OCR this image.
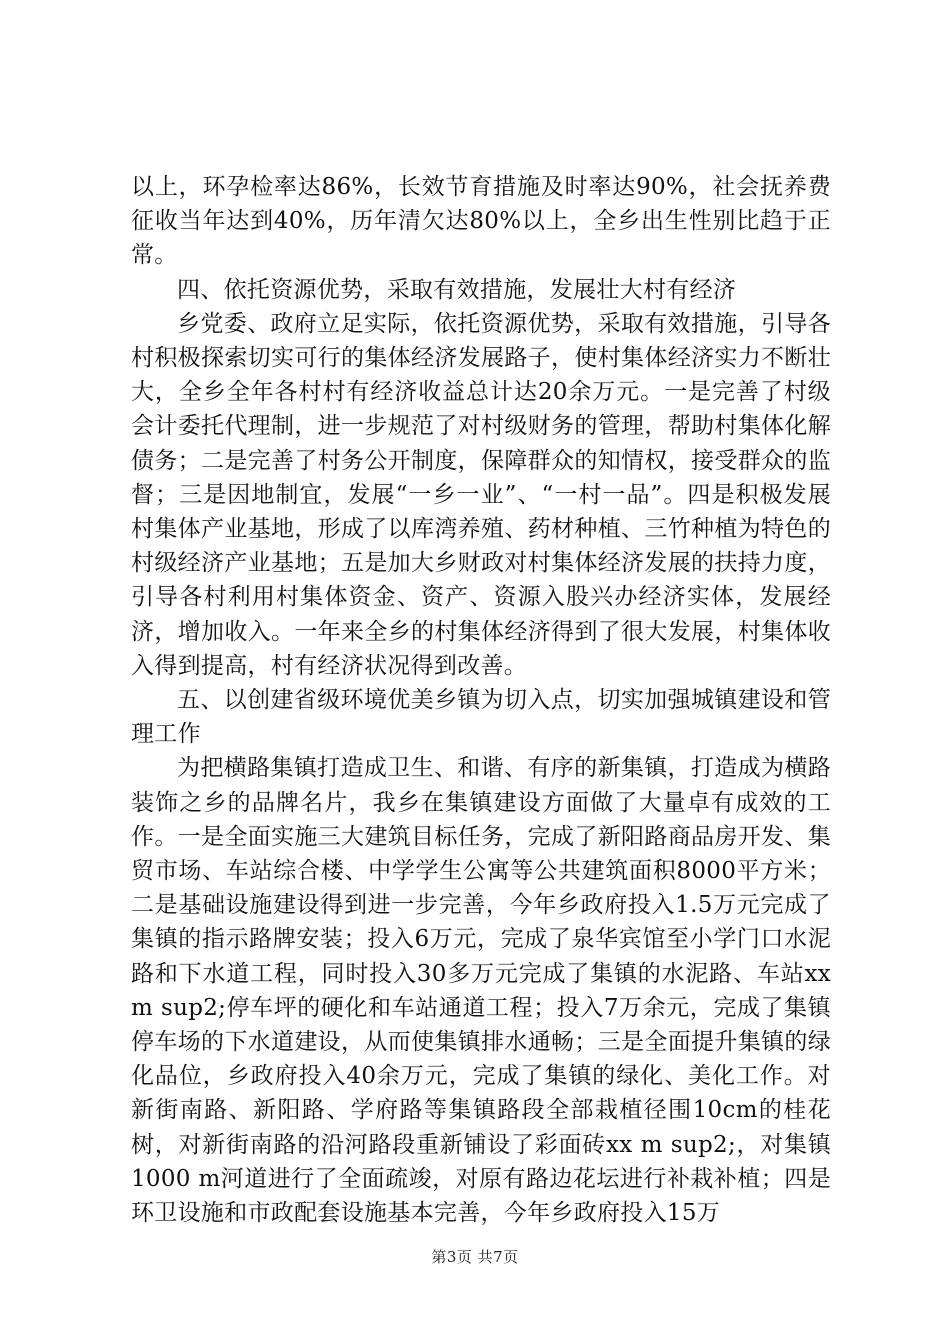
以上，环孕检率达86%，长效节育措施及时率达90%，社会抚养费征收当年达到40%，历年清欠达80%以上，全乡出生性别比趋于正常。

四、依托资源优势，采取有效措施，发展壮大村有经济

乡党委、政府立足实际，依托资源优势，采取有效措施，引导各村积极探索切实可行的集体经济发展路子，使村集体经济实力不断壮大，全乡全年各村村有经济收益总计达20余万元。一是完善了村级会计委托代理制，进一步规范了对村级财务的管理，帮助村集体化解债务；二是完善了村务公开制度，保障群众的知情权，接受群众的监督；三是因地制宜，发展“一乡一业”、“一村一品”。四是积极发展村集体产业基地，形成了以库湾养殖、药材种植、三竹种植为特色的村级经济产业基地；五是加大乡财政对村集体经济发展的扶持力度，引导各村利用村集体资金、资产、资源入股兴办经济实体，发展经济，增加收入。一年来全乡的村集体经济得到了很大发展，村集体收入得到提高，村有经济状况得到改善。

五、以创建省级环境优美乡镇为切入点，切实加强城镇建设和管理工作

为把横路集镇打造成卫生、和谐、有序的新集镇，打造成为横路装饰之乡的品牌名片，我乡在集镇建设方面做了大量卓有成效的工作。一是全面实施三大建筑目标任务，完成了新阳路商品房开发、集贸市场、车站综合楼、中学学生公寓等公共建筑面积8000平方米；二是基础设施建设得到进一步完善，今年乡政府投入1.5万元完成了集镇的指示路牌安装；投入6万元，完成了泉华宾馆至小学门口水泥路和下水道工程，同时投入30多万元完成了集镇的水泥路、车站xx m sup2;停车坪的硬化和车站通道工程；投入7万余元，完成了集镇停车场的下水道建设，从而使集镇排水通畅；三是全面提升集镇的绿化品位，乡政府投入40余万元，完成了集镇的绿化、美化工作。对新街南路、新阳路、学府路等集镇路段全部栽植径围10cm的桂花树，对新街南路的沿河路段重新铺设了彩面砖xx m sup2;，对集镇1000 m河道进行了全面疏竣，对原有路边花坛进行补栽补植；四是环卫设施和市政配套设施基本完善，今年乡政府投入15万

第3页 共7页
